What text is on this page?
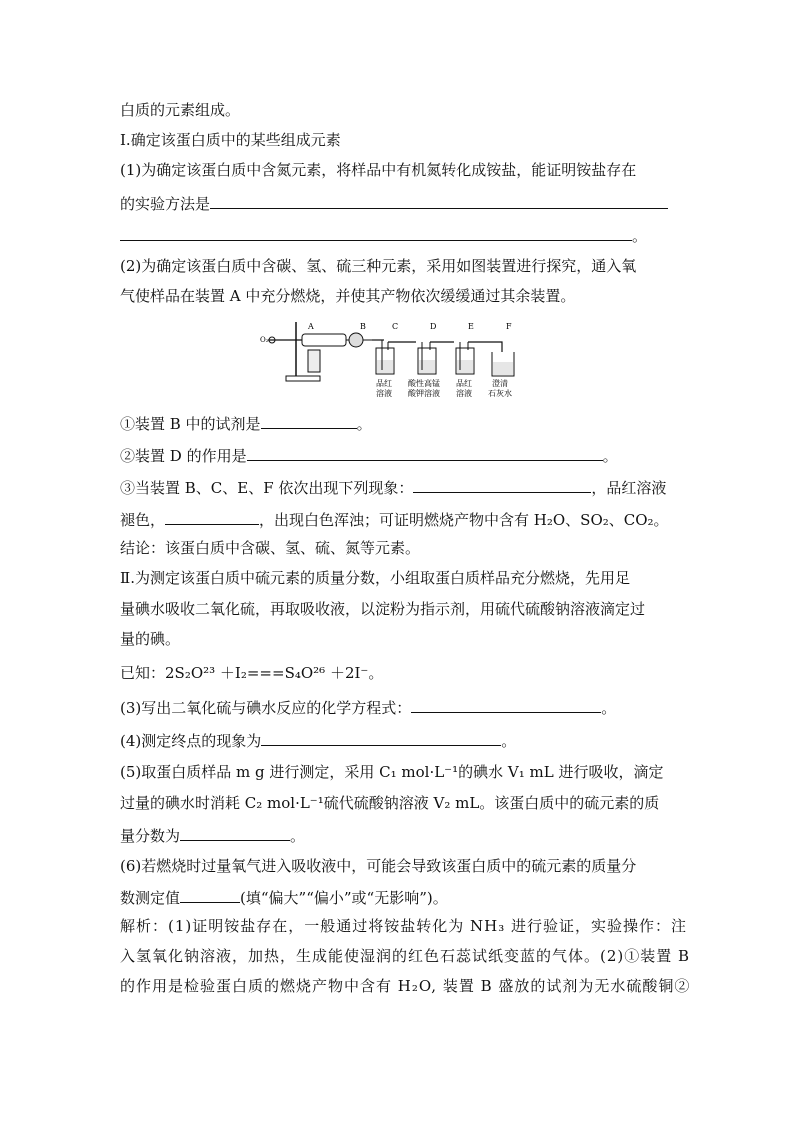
白质的元素组成。
Ⅰ.确定该蛋白质中的某些组成元素
(1)为确定该蛋白质中含氮元素，将样品中有机氮转化成铵盐，能证明铵盐存在
的实验方法是
。
(2)为确定该蛋白质中含碳、氢、硫三种元素，采用如图装置进行探究，通入氧
气使样品在装置 A 中充分燃烧，并使其产物依次缓缓通过其余装置。
O₂
A	B	C	D	E	F
品红
溶液
酸性高锰
酸钾溶液
品红
溶液
澄清
石灰水
①装置 B 中的试剂是	。
②装置 D 的作用是	。
③当装置 B、C、E、F 依次出现下列现象：	，品红溶液
褪色，	，出现白色浑浊；可证明燃烧产物中含有 H₂O、SO₂、CO₂。
结论：该蛋白质中含碳、氢、硫、氮等元素。
Ⅱ.为测定该蛋白质中硫元素的质量分数，小组取蛋白质样品充分燃烧，先用足
量碘水吸收二氧化硫，再取吸收液，以淀粉为指示剂，用硫代硫酸钠溶液滴定过
量的碘。
已知：2S₂O²³ ＋I₂===S₄O²⁶ ＋2I⁻。
(3)写出二氧化硫与碘水反应的化学方程式：	。
(4)测定终点的现象为	。
(5)取蛋白质样品 m g 进行测定，采用 C₁ mol·L⁻¹的碘水 V₁ mL 进行吸收，滴定
过量的碘水时消耗 C₂ mol·L⁻¹硫代硫酸钠溶液 V₂ mL。该蛋白质中的硫元素的质
量分数为	。
(6)若燃烧时过量氧气进入吸收液中，可能会导致该蛋白质中的硫元素的质量分
数测定值	(填“偏大”“偏小”或“无影响”)。
解析：(1)证明铵盐存在，一般通过将铵盐转化为 NH₃ 进行验证，实验操作：注
入氢氧化钠溶液，加热，生成能使湿润的红色石蕊试纸变蓝的气体。(2)①装置 B
的作用是检验蛋白质的燃烧产物中含有 H₂O, 装置 B 盛放的试剂为无水硫酸铜②
